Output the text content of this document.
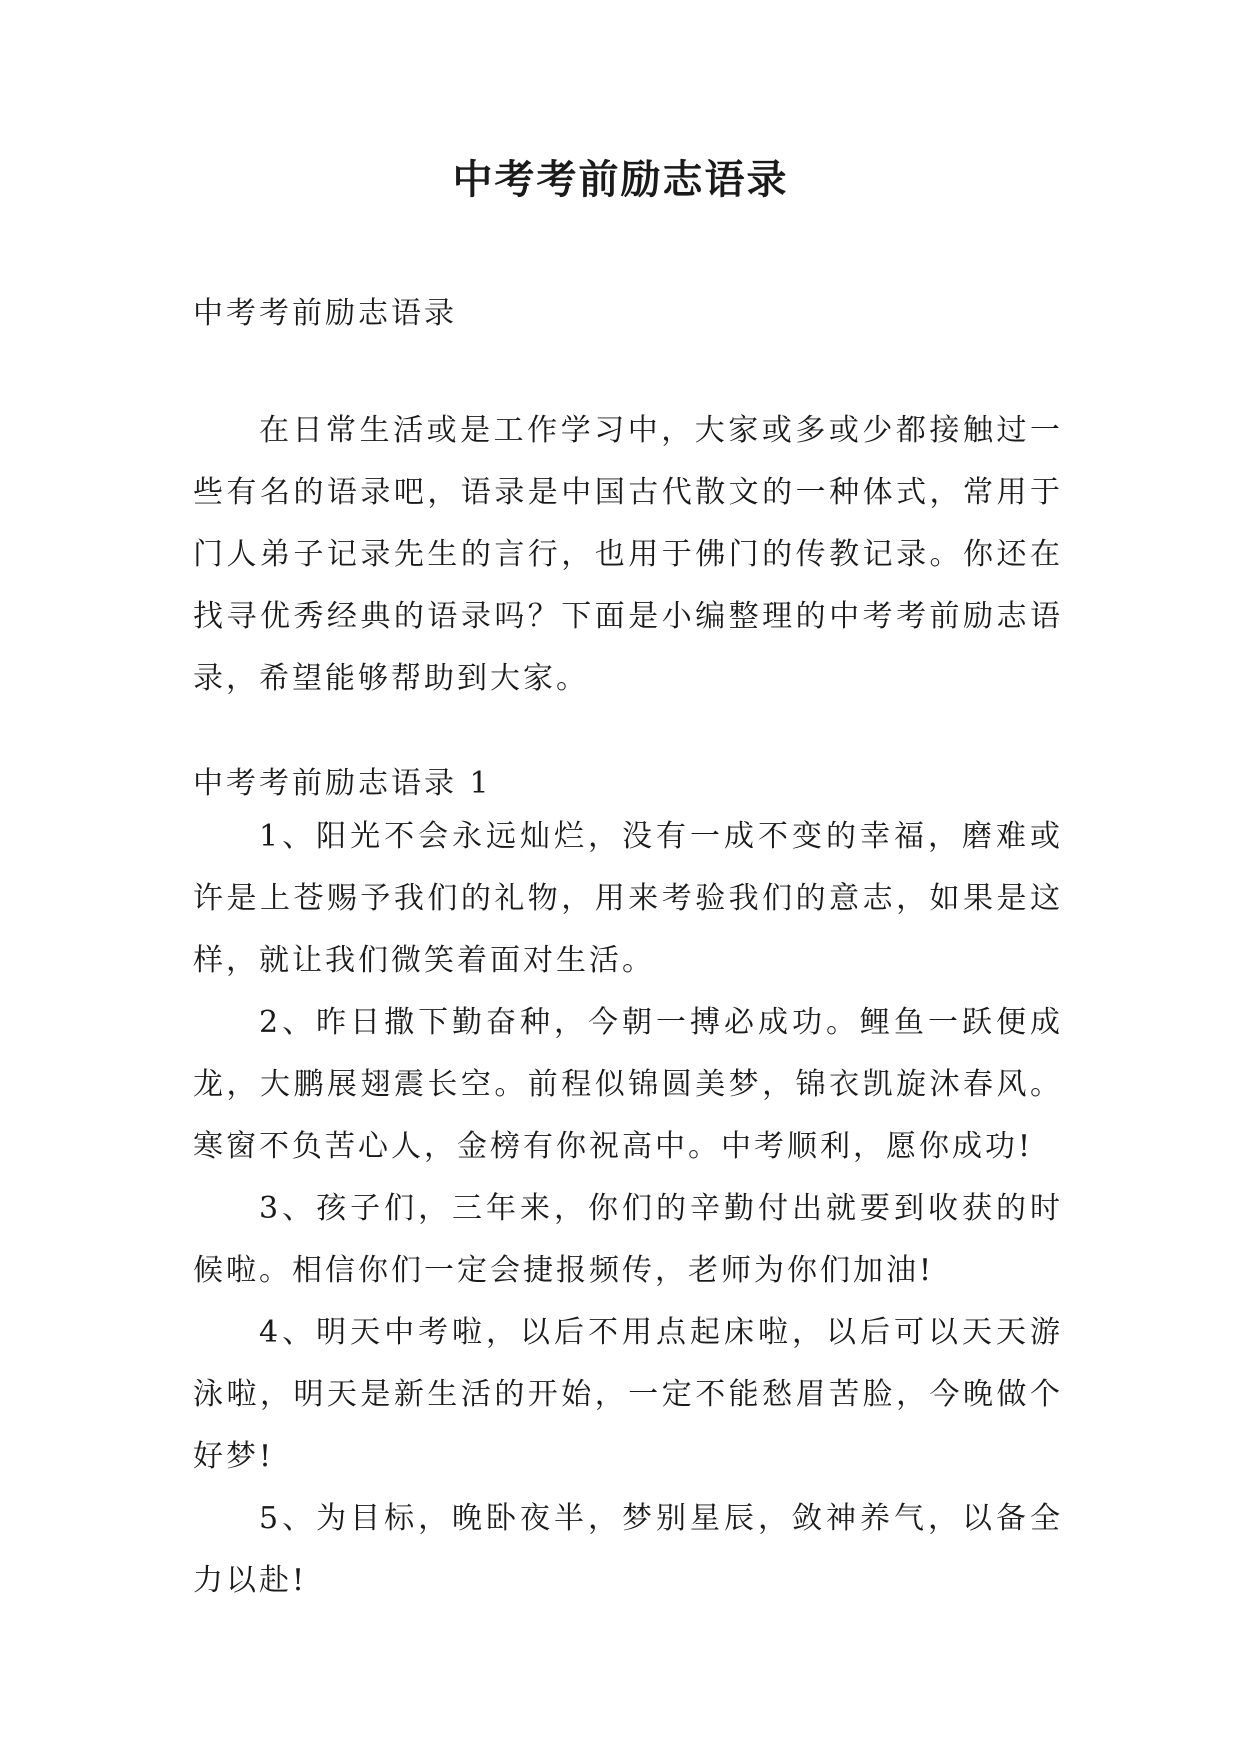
中考考前励志语录

中考考前励志语录

在日常生活或是工作学习中，大家或多或少都接触过一些有名的语录吧，语录是中国古代散文的一种体式，常用于门人弟子记录先生的言行，也用于佛门的传教记录。你还在找寻优秀经典的语录吗？下面是小编整理的中考考前励志语录，希望能够帮助到大家。

中考考前励志语录 1

1、阳光不会永远灿烂，没有一成不变的幸福，磨难或许是上苍赐予我们的礼物，用来考验我们的意志，如果是这样，就让我们微笑着面对生活。

2、昨日撒下勤奋种，今朝一搏必成功。鲤鱼一跃便成龙，大鹏展翅震长空。前程似锦圆美梦，锦衣凯旋沐春风。寒窗不负苦心人，金榜有你祝高中。中考顺利，愿你成功!

3、孩子们，三年来，你们的辛勤付出就要到收获的时候啦。相信你们一定会捷报频传，老师为你们加油!

4、明天中考啦，以后不用点起床啦，以后可以天天游泳啦，明天是新生活的开始，一定不能愁眉苦脸，今晚做个好梦!

5、为目标，晚卧夜半，梦别星辰，敛神养气，以备全力以赴!
